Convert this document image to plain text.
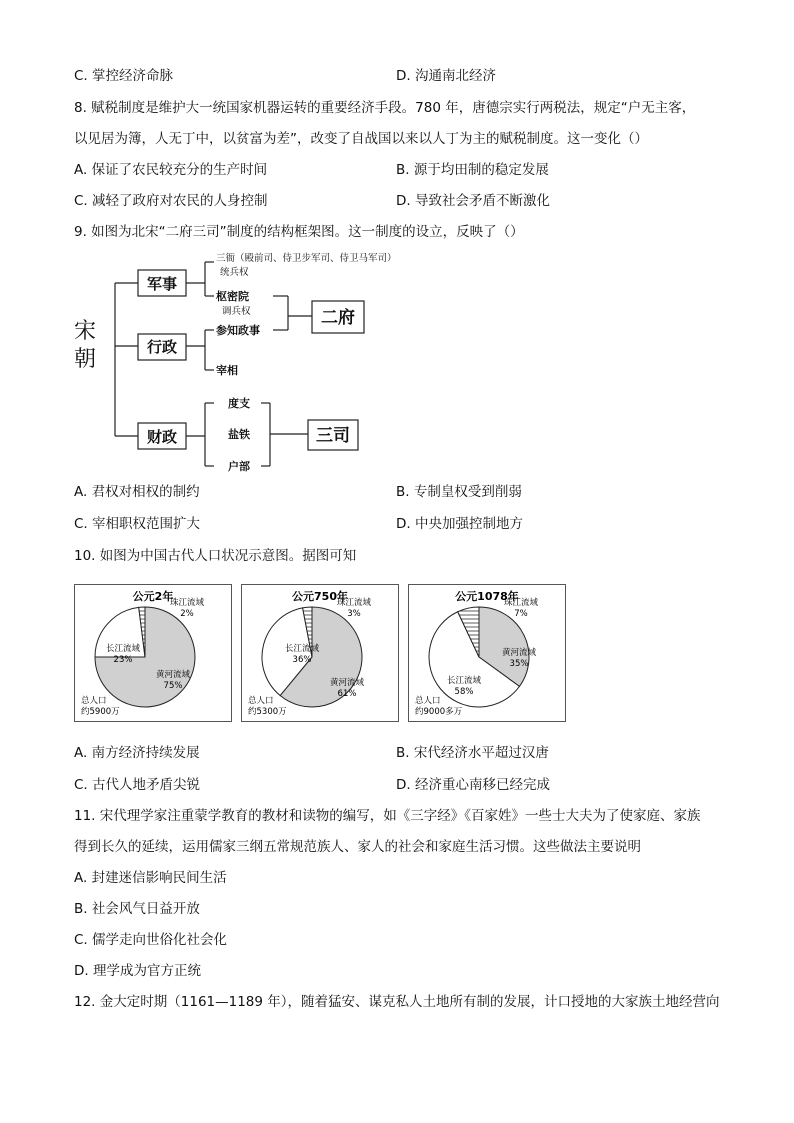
C. 掌控经济命脉	D. 沟通南北经济
8. 赋税制度是维护大一统国家机器运转的重要经济手段。780 年，唐德宗实行两税法，规定“户无主客，
以见居为簿，人无丁中，以贫富为差”，改变了自战国以来以人丁为主的赋税制度。这一变化（）
A. 保证了农民较充分的生产时间	B. 源于均田制的稳定发展
C. 减轻了政府对农民的人身控制	D. 导致社会矛盾不断激化
9. 如图为北宋“二府三司”制度的结构框架图。这一制度的设立，反映了（）
宋
朝
军事
行政
财政
三衙（殿前司、侍卫步军司、侍卫马军司）
统兵权
枢密院
调兵权
参知政事
宰相
二府
度支
盐铁
户部
三司
A. 君权对相权的制约	B. 专制皇权受到削弱
C. 宰相职权范围扩大	D. 中央加强控制地方
10. 如图为中国古代人口状况示意图。据图可知
公元2年
黄河流域
75%
长江流域
23%
珠江流域
2%
总人口
约5900万
公元750年
黄河流域
61%
长江流域
36%
珠江流域
3%
总人口
约5300万
公元1078年
黄河流域
35%
长江流域
58%
珠江流域
7%
总人口
约9000多万
A. 南方经济持续发展	B. 宋代经济水平超过汉唐
C. 古代人地矛盾尖锐	D. 经济重心南移已经完成
11. 宋代理学家注重蒙学教育的教材和读物的编写，如《三字经》《百家姓》一些士大夫为了使家庭、家族
得到长久的延续，运用儒家三纲五常规范族人、家人的社会和家庭生活习惯。这些做法主要说明
A. 封建迷信影响民间生活
B. 社会风气日益开放
C. 儒学走向世俗化社会化
D. 理学成为官方正统
12. 金大定时期（1161—1189 年），随着猛安、谋克私人土地所有制的发展，计口授地的大家族土地经营向
